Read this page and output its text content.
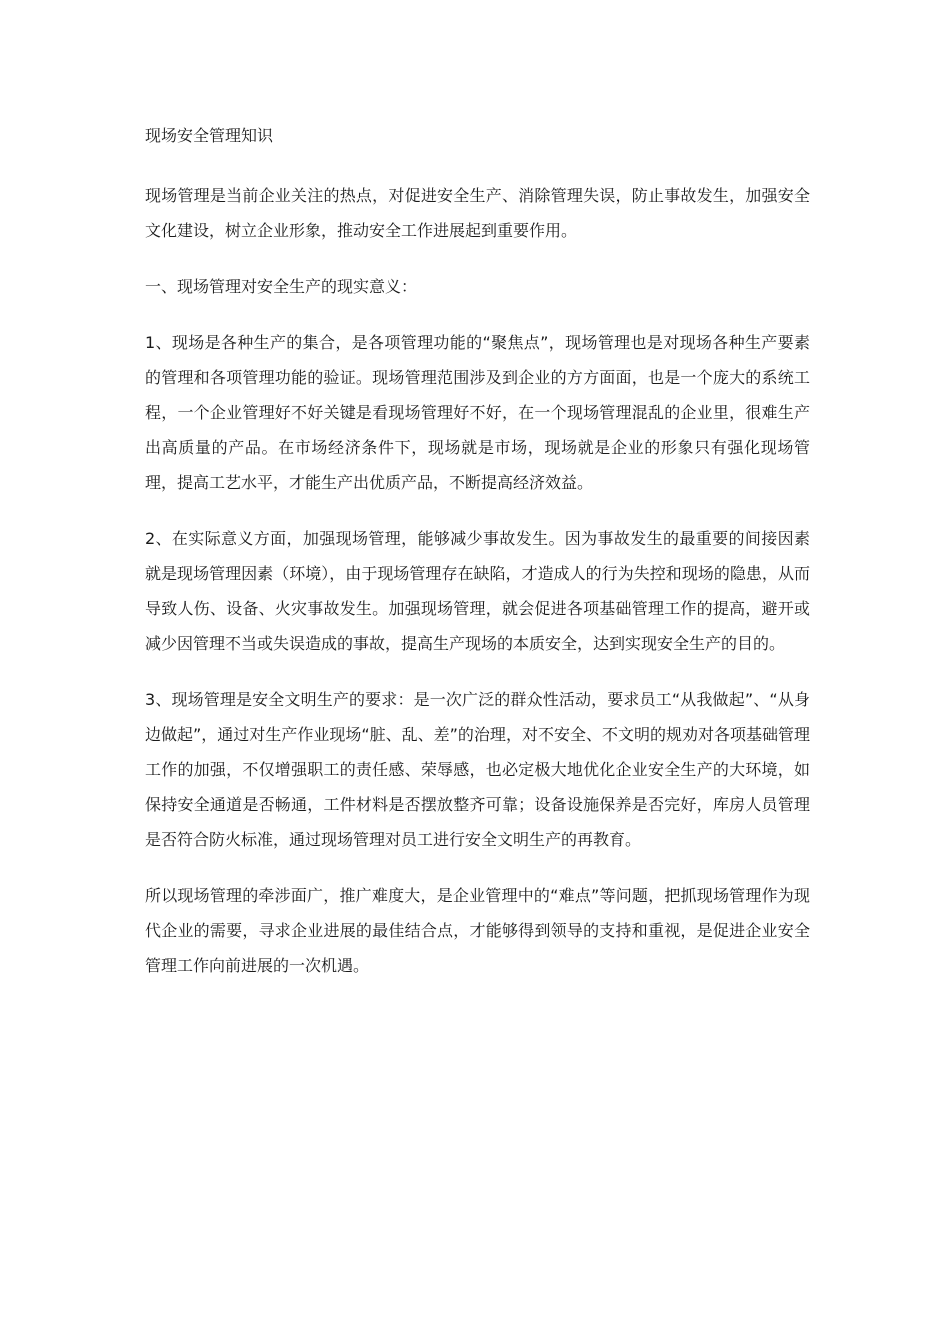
现场安全管理知识

现场管理是当前企业关注的热点，对促进安全生产、消除管理失误，防止事故发生，加强安全文化建设，树立企业形象，推动安全工作进展起到重要作用。

一、现场管理对安全生产的现实意义：

1、现场是各种生产的集合，是各项管理功能的“聚焦点”，现场管理也是对现场各种生产要素的管理和各项管理功能的验证。现场管理范围涉及到企业的方方面面，也是一个庞大的系统工程，一个企业管理好不好关键是看现场管理好不好，在一个现场管理混乱的企业里，很难生产出高质量的产品。在市场经济条件下，现场就是市场，现场就是企业的形象只有强化现场管理，提高工艺水平，才能生产出优质产品，不断提高经济效益。

2、在实际意义方面，加强现场管理，能够减少事故发生。因为事故发生的最重要的间接因素就是现场管理因素（环境），由于现场管理存在缺陷，才造成人的行为失控和现场的隐患，从而导致人伤、设备、火灾事故发生。加强现场管理，就会促进各项基础管理工作的提高，避开或减少因管理不当或失误造成的事故，提高生产现场的本质安全，达到实现安全生产的目的。

3、现场管理是安全文明生产的要求：是一次广泛的群众性活动，要求员工“从我做起”、“从身边做起”，通过对生产作业现场“脏、乱、差”的治理，对不安全、不文明的规劝对各项基础管理工作的加强，不仅增强职工的责任感、荣辱感，也必定极大地优化企业安全生产的大环境，如保持安全通道是否畅通，工件材料是否摆放整齐可靠；设备设施保养是否完好，库房人员管理是否符合防火标准，通过现场管理对员工进行安全文明生产的再教育。

所以现场管理的牵涉面广，推广难度大，是企业管理中的“难点”等问题，把抓现场管理作为现代企业的需要，寻求企业进展的最佳结合点，才能够得到领导的支持和重视，是促进企业安全管理工作向前进展的一次机遇。
